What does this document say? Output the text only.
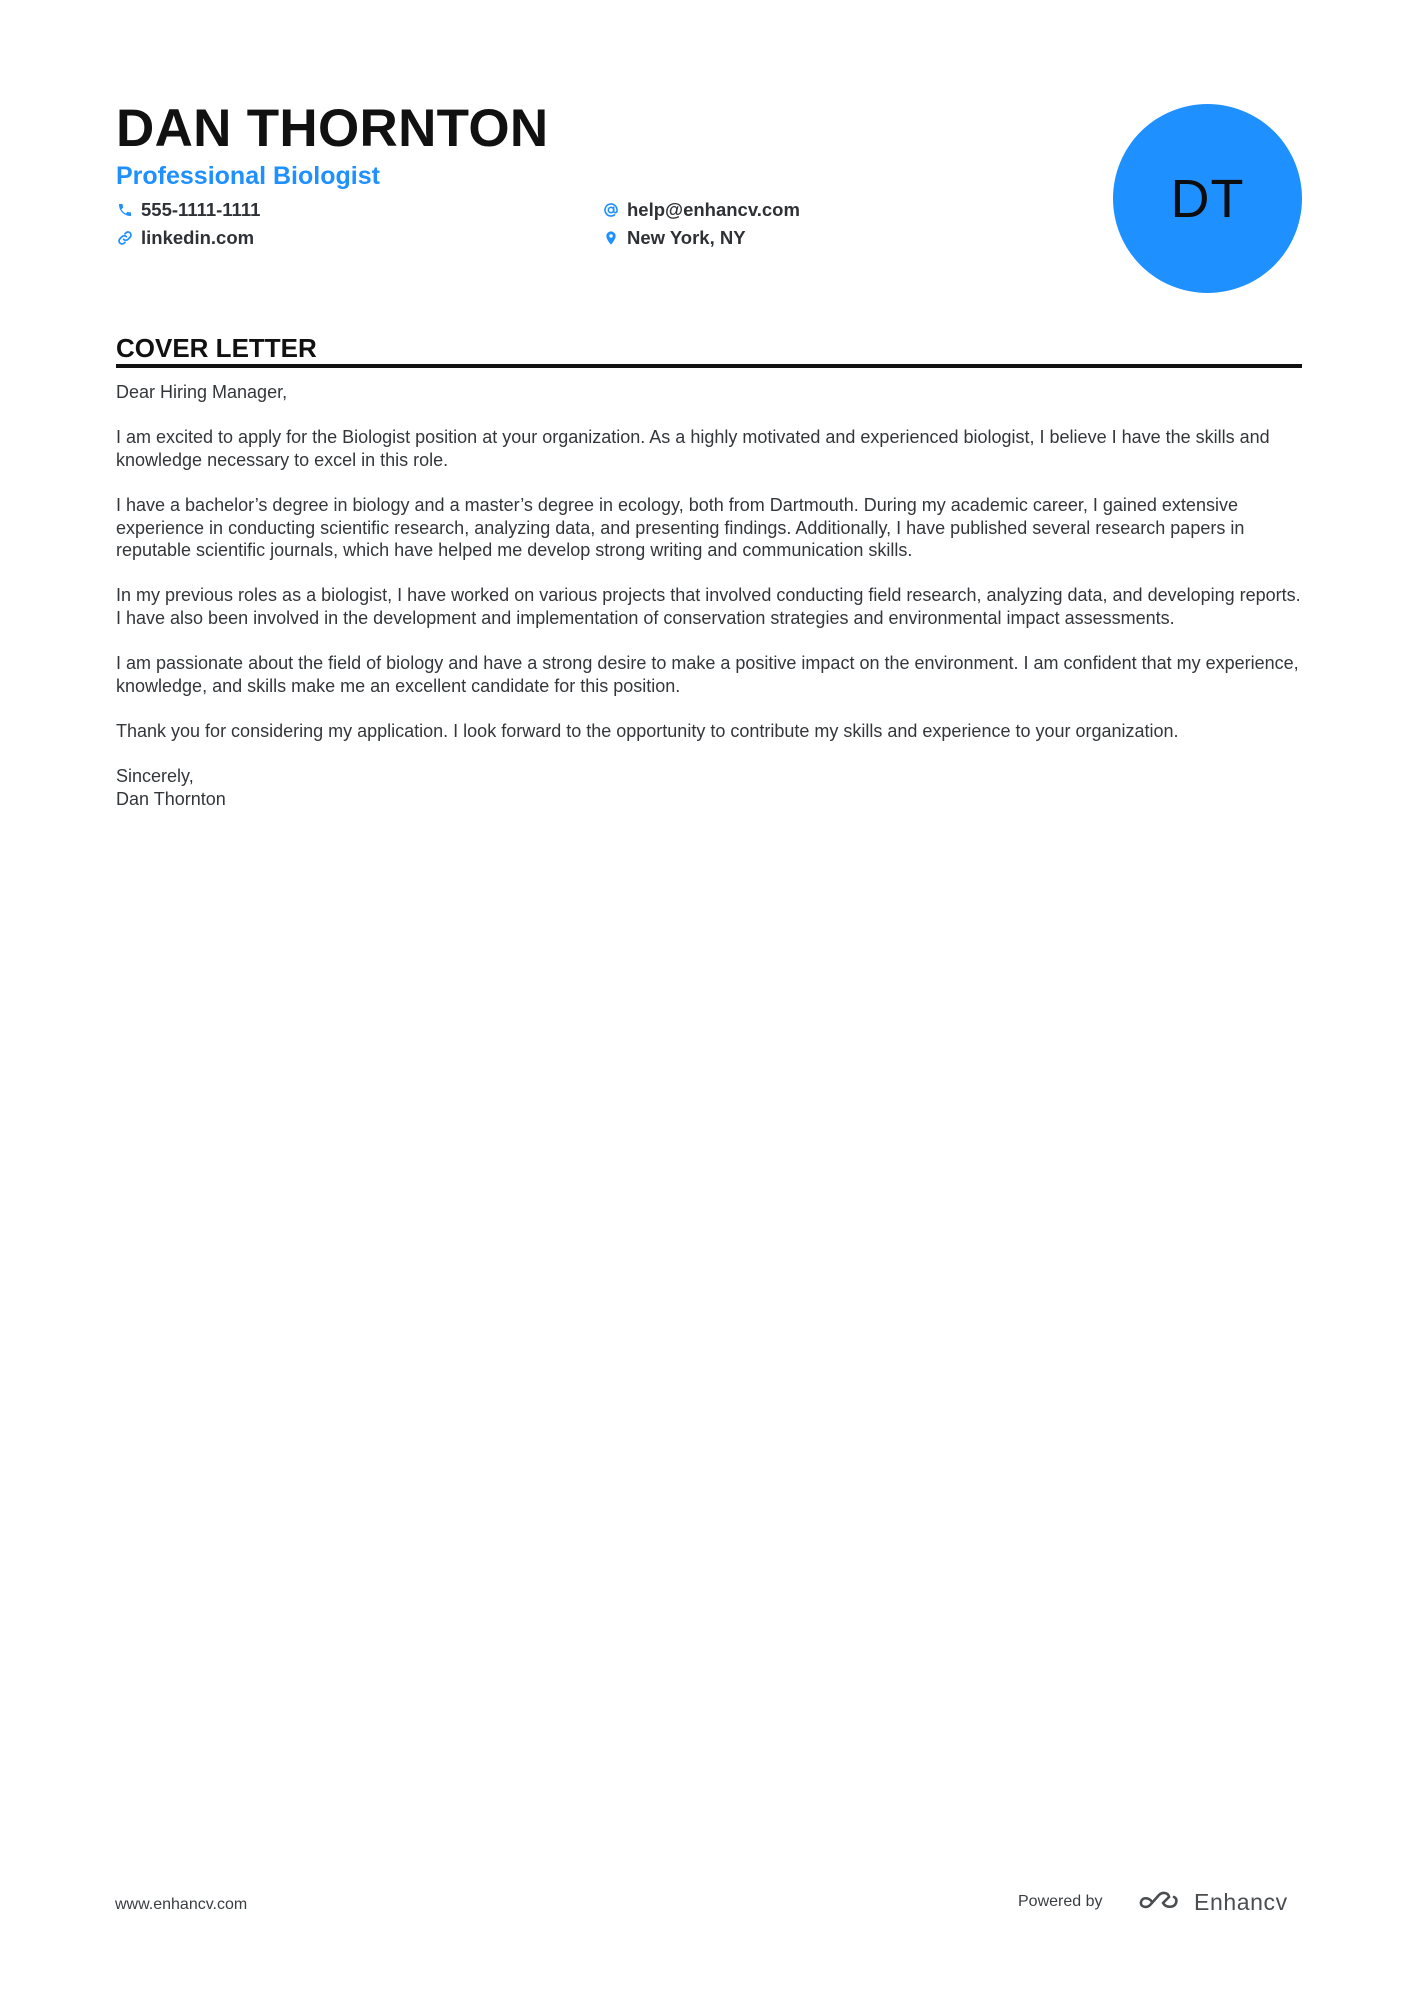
DAN THORNTON
Professional Biologist
555-1111-1111
linkedin.com
help@enhancv.com
New York, NY
DT
COVER LETTER

Dear Hiring Manager,

I am excited to apply for the Biologist position at your organization. As a highly motivated and experienced biologist, I believe I have the skills and knowledge necessary to excel in this role.

I have a bachelor’s degree in biology and a master’s degree in ecology, both from Dartmouth. During my academic career, I gained extensive experience in conducting scientific research, analyzing data, and presenting findings. Additionally, I have published several research papers in reputable scientific journals, which have helped me develop strong writing and communication skills.

In my previous roles as a biologist, I have worked on various projects that involved conducting field research, analyzing data, and developing reports. I have also been involved in the development and implementation of conservation strategies and environmental impact assessments.

I am passionate about the field of biology and have a strong desire to make a positive impact on the environment. I am confident that my experience, knowledge, and skills make me an excellent candidate for this position.

Thank you for considering my application. I look forward to the opportunity to contribute my skills and experience to your organization.

Sincerely,

Dan Thornton

www.enhancv.com	Powered by	Enhancv
